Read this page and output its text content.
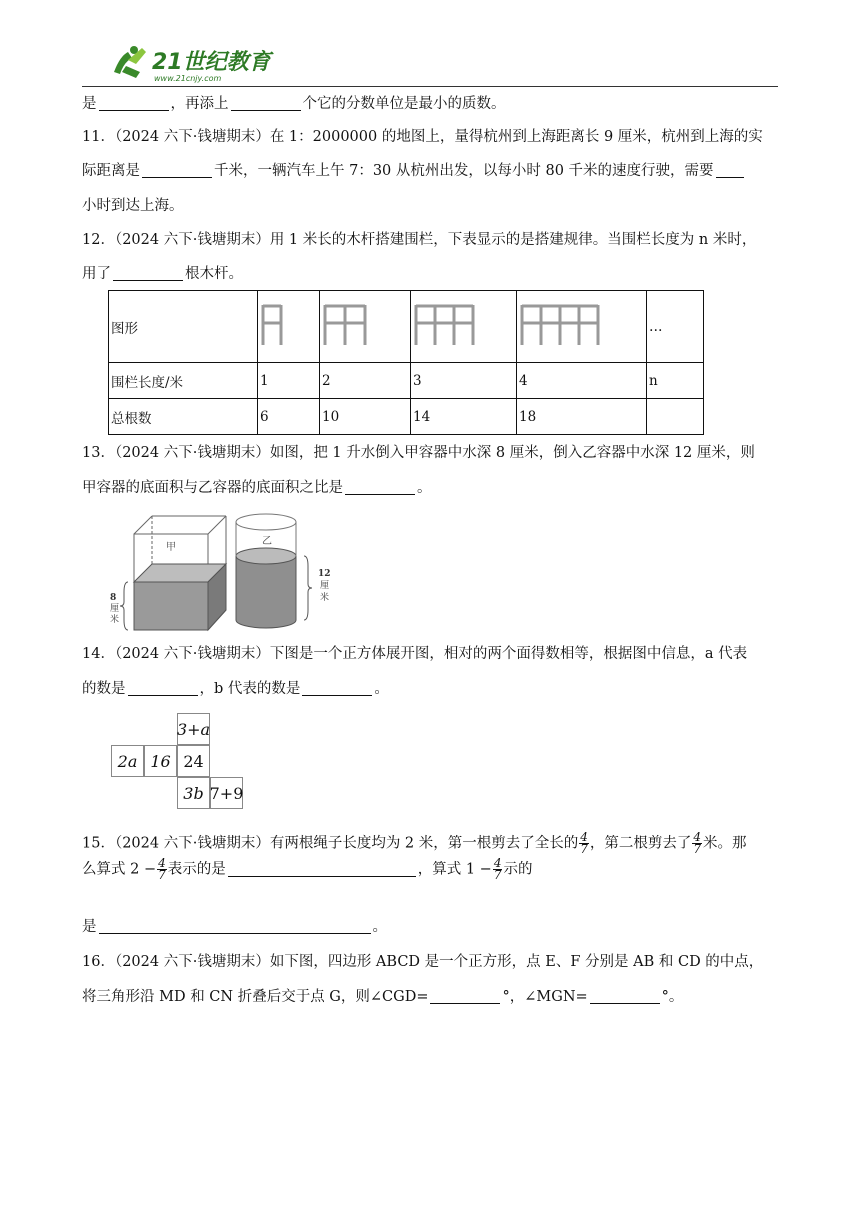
21世纪教育
www.21cnjy.com
是	，再添上	个它的分数单位是最小的质数。
11．（2024 六下·钱塘期末）在 1：2000000 的地图上，量得杭州到上海距离长 9 厘米，杭州到上海的实
际距离是	千米，一辆汽车上午 7：30 从杭州出发，以每小时 80 千米的速度行驶，需要
小时到达上海。
12．（2024 六下·钱塘期末）用 1 米长的木杆搭建围栏，下表显示的是搭建规律。当围栏长度为 n 米时，
用了	根木杆。
图形					…
围栏长度/米	1	2	3	4	n
总根数	6	10	14	18	
13．（2024 六下·钱塘期末）如图，把 1 升水倒入甲容器中水深 8 厘米，倒入乙容器中水深 12 厘米，则
甲容器的底面积与乙容器的底面积之比是	。
甲
8
厘
米
乙
12
厘
米
14．（2024 六下·钱塘期末）下图是一个正方体展开图，相对的两个面得数相等，根据图中信息，a 代表
的数是	，b 代表的数是	。
3+a
2a 16 24
3b 7+9
15．（2024 六下·钱塘期末）有两根绳子长度均为 2 米，第一根剪去了全长的 $\frac{4}{7}$ ，第二根剪去了 $\frac{4}{7}$ 米。那
么算式 $2 - \frac{4}{7}$ 表示的是	，算式 $1 - \frac{4}{7}$ 示的
是	。
16．（2024 六下·钱塘期末）如下图，四边形 ABCD 是一个正方形，点 E、F 分别是 AB 和 CD 的中点，
将三角形沿 MD 和 CN 折叠后交于点 G，则∠CGD=	°，∠MGN=	°。
